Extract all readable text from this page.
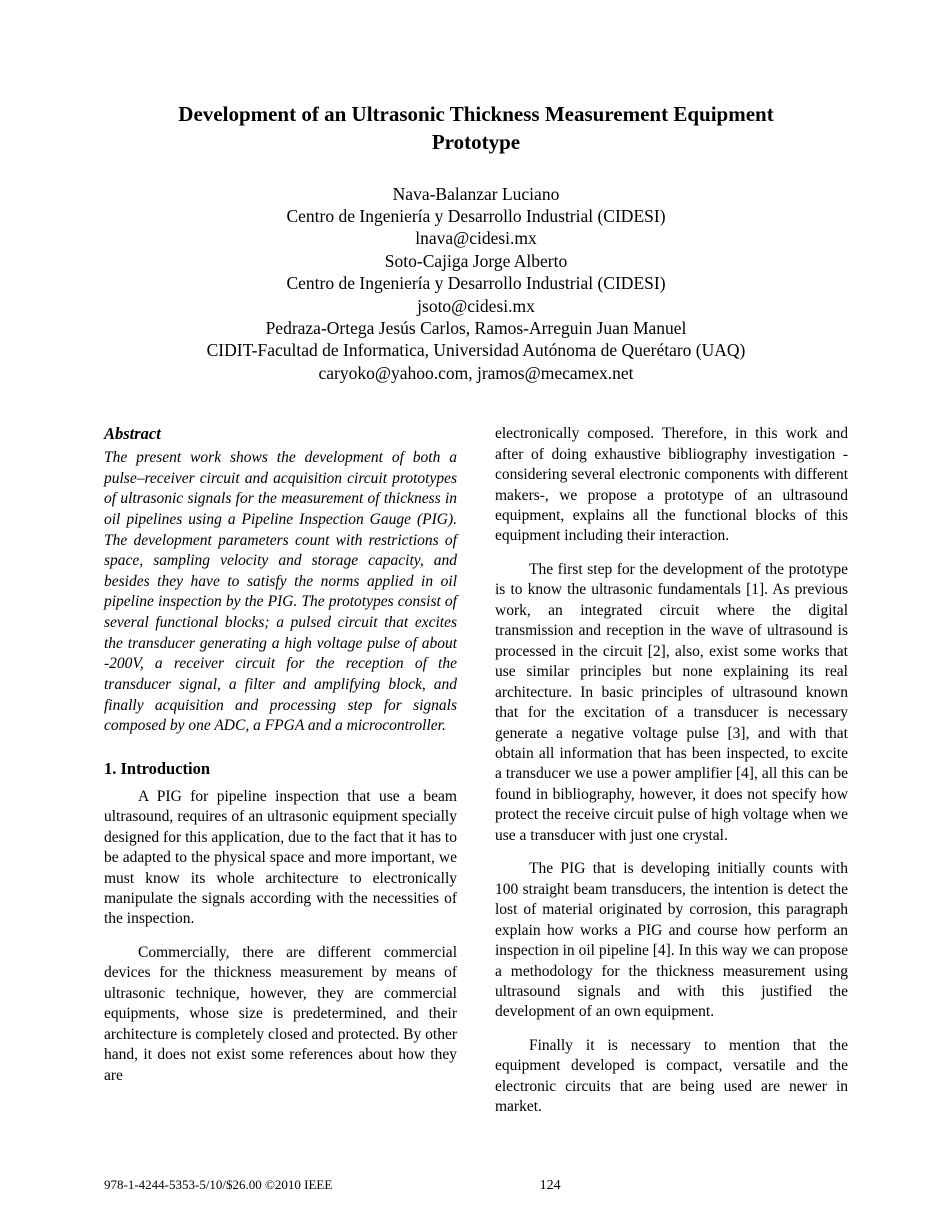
Development of an Ultrasonic Thickness Measurement Equipment Prototype
Nava-Balanzar Luciano
Centro de Ingeniería y Desarrollo Industrial (CIDESI)
lnava@cidesi.mx
Soto-Cajiga Jorge Alberto
Centro de Ingeniería y Desarrollo Industrial (CIDESI)
jsoto@cidesi.mx
Pedraza-Ortega Jesús Carlos, Ramos-Arreguin Juan Manuel
CIDIT-Facultad de Informatica, Universidad Autónoma de Querétaro (UAQ)
caryoko@yahoo.com, jramos@mecamex.net
Abstract

The present work shows the development of both a pulse–receiver circuit and acquisition circuit prototypes of ultrasonic signals for the measurement of thickness in oil pipelines using a Pipeline Inspection Gauge (PIG). The development parameters count with restrictions of space, sampling velocity and storage capacity, and besides they have to satisfy the norms applied in oil pipeline inspection by the PIG. The prototypes consist of several functional blocks; a pulsed circuit that excites the transducer generating a high voltage pulse of about -200V, a receiver circuit for the reception of the transducer signal, a filter and amplifying block, and finally acquisition and processing step for signals composed by one ADC, a FPGA and a microcontroller.

1. Introduction

A PIG for pipeline inspection that use a beam ultrasound, requires of an ultrasonic equipment specially designed for this application, due to the fact that it has to be adapted to the physical space and more important, we must know its whole architecture to electronically manipulate the signals according with the necessities of the inspection.

Commercially, there are different commercial devices for the thickness measurement by means of ultrasonic technique, however, they are commercial equipments, whose size is predetermined, and their architecture is completely closed and protected. By other hand, it does not exist some references about how they are

electronically composed. Therefore, in this work and after of doing exhaustive bibliography investigation -considering several electronic components with different makers-, we propose a prototype of an ultrasound equipment, explains all the functional blocks of this equipment including their interaction.

The first step for the development of the prototype is to know the ultrasonic fundamentals [1]. As previous work, an integrated circuit where the digital transmission and reception in the wave of ultrasound is processed in the circuit [2], also, exist some works that use similar principles but none explaining its real architecture. In basic principles of ultrasound known that for the excitation of a transducer is necessary generate a negative voltage pulse [3], and with that obtain all information that has been inspected, to excite a transducer we use a power amplifier [4], all this can be found in bibliography, however, it does not specify how protect the receive circuit pulse of high voltage when we use a transducer with just one crystal.

The PIG that is developing initially counts with 100 straight beam transducers, the intention is detect the lost of material originated by corrosion, this paragraph explain how works a PIG and course how perform an inspection in oil pipeline [4]. In this way we can propose a methodology for the thickness measurement using ultrasound signals and with this justified the development of an own equipment.

Finally it is necessary to mention that the equipment developed is compact, versatile and the electronic circuits that are being used are newer in market.

978-1-4244-5353-5/10/$26.00 ©2010 IEEE	124
